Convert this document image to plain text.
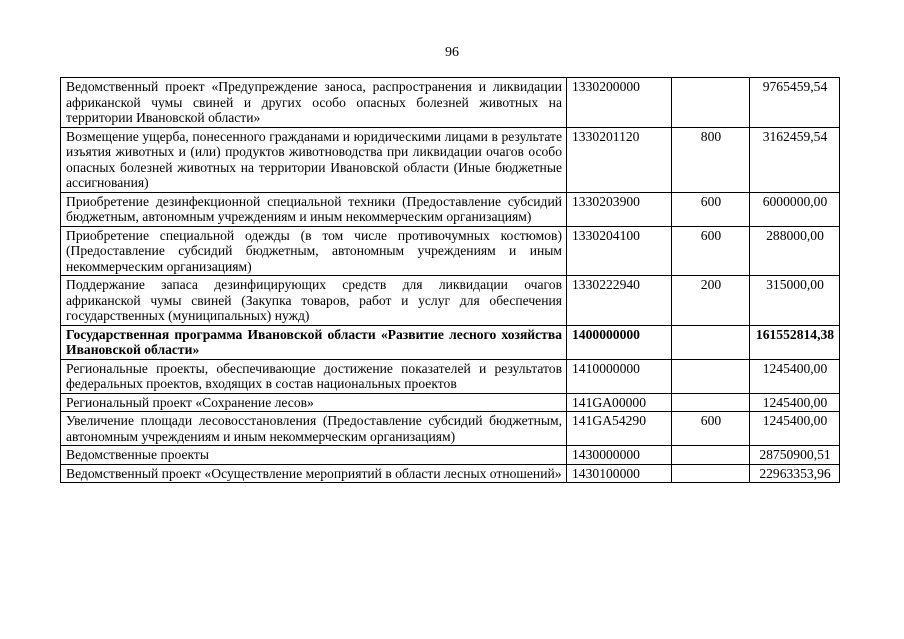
96
Ведомственный проект «Предупреждение заноса, распространения и ликвидации африканской чумы свиней и других особо опасных болезней животных на территории Ивановской области»	1330200000		9765459,54
Возмещение ущерба, понесенного гражданами и юридическими лицами в результате изъятия животных и (или) продуктов животноводства при ликвидации очагов особо опасных болезней животных на территории Ивановской области (Иные бюджетные ассигнования)	1330201120	800	3162459,54
Приобретение дезинфекционной специальной техники (Предоставление субсидий бюджетным, автономным учреждениям и иным некоммерческим организациям)	1330203900	600	6000000,00
Приобретение специальной одежды (в том числе противочумных костюмов) (Предоставление субсидий бюджетным, автономным учреждениям и иным некоммерческим организациям)	1330204100	600	288000,00
Поддержание запаса дезинфицирующих средств для ликвидации очагов африканской чумы свиней (Закупка товаров, работ и услуг для обеспечения государственных (муниципальных) нужд)	1330222940	200	315000,00
Государственная программа Ивановской области «Развитие лесного хозяйства Ивановской области»	1400000000		161552814,38
Региональные проекты, обеспечивающие достижение показателей и результатов федеральных проектов, входящих в состав национальных проектов	1410000000		1245400,00
Региональный проект «Сохранение лесов»	141GA00000		1245400,00
Увеличение площади лесовосстановления (Предоставление субсидий бюджетным, автономным учреждениям и иным некоммерческим организациям)	141GA54290	600	1245400,00
Ведомственные проекты	1430000000		28750900,51
Ведомственный проект «Осуществление мероприятий в области лесных отношений»	1430100000		22963353,96
